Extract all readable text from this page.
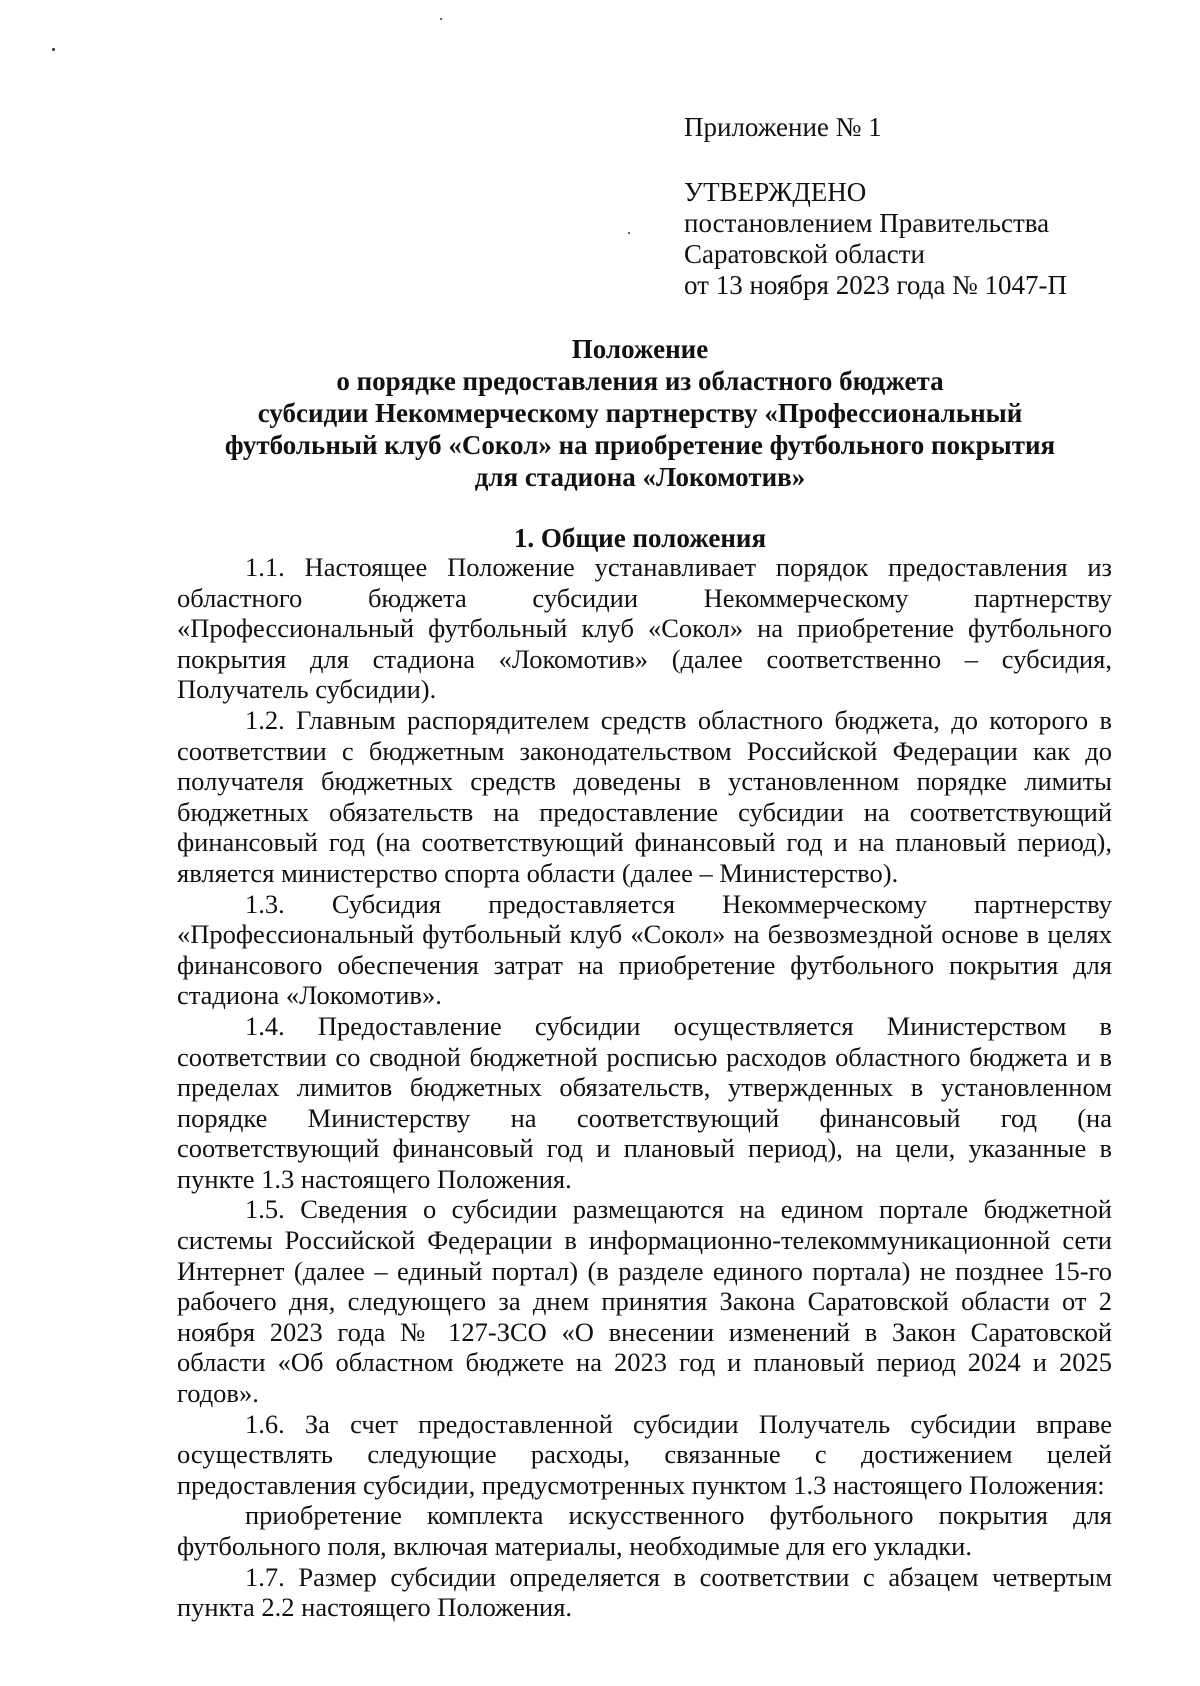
Приложение № 1

УТВЕРЖДЕНО

постановлением Правительства

Саратовской области

от 13 ноября 2023 года № 1047-П

Положение
о порядке предоставления из областного бюджета
субсидии Некоммерческому партнерству «Профессиональный
футбольный клуб «Сокол» на приобретение футбольного покрытия
для стадиона «Локомотив»
1. Общие положения

1.1. Настоящее Положение устанавливает порядок предоставления из областного бюджета субсидии Некоммерческому партнерству «Профессиональный футбольный клуб «Сокол» на приобретение футбольного покрытия для стадиона «Локомотив» (далее соответственно – субсидия, Получатель субсидии).

1.2. Главным распорядителем средств областного бюджета, до которого в соответствии с бюджетным законодательством Российской Федерации как до получателя бюджетных средств доведены в установленном порядке лимиты бюджетных обязательств на предоставление субсидии на соответствующий финансовый год (на соответствующий финансовый год и на плановый период), является министерство спорта области (далее – Министерство).

1.3. Субсидия предоставляется Некоммерческому партнерству «Профессиональный футбольный клуб «Сокол» на безвозмездной основе в целях финансового обеспечения затрат на приобретение футбольного покрытия для стадиона «Локомотив».

1.4. Предоставление субсидии осуществляется Министерством в соответствии со сводной бюджетной росписью расходов областного бюджета и в пределах лимитов бюджетных обязательств, утвержденных в установленном порядке Министерству на соответствующий финансовый год (на соответствующий финансовый год и плановый период), на цели, указанные в пункте 1.3 настоящего Положения.

1.5. Сведения о субсидии размещаются на едином портале бюджетной системы Российской Федерации в информационно-телекоммуникационной сети Интернет (далее – единый портал) (в разделе единого портала) не позднее 15-го рабочего дня, следующего за днем принятия Закона Саратовской области от 2 ноября 2023 года № 127-ЗСО «О внесении изменений в Закон Саратовской области «Об областном бюджете на 2023 год и плановый период 2024 и 2025 годов».

1.6. За счет предоставленной субсидии Получатель субсидии вправе осуществлять следующие расходы, связанные с достижением целей предоставления субсидии, предусмотренных пунктом 1.3 настоящего Положения:

приобретение комплекта искусственного футбольного покрытия для футбольного поля, включая материалы, необходимые для его укладки.

1.7. Размер субсидии определяется в соответствии с абзацем четвертым пункта 2.2 настоящего Положения.
